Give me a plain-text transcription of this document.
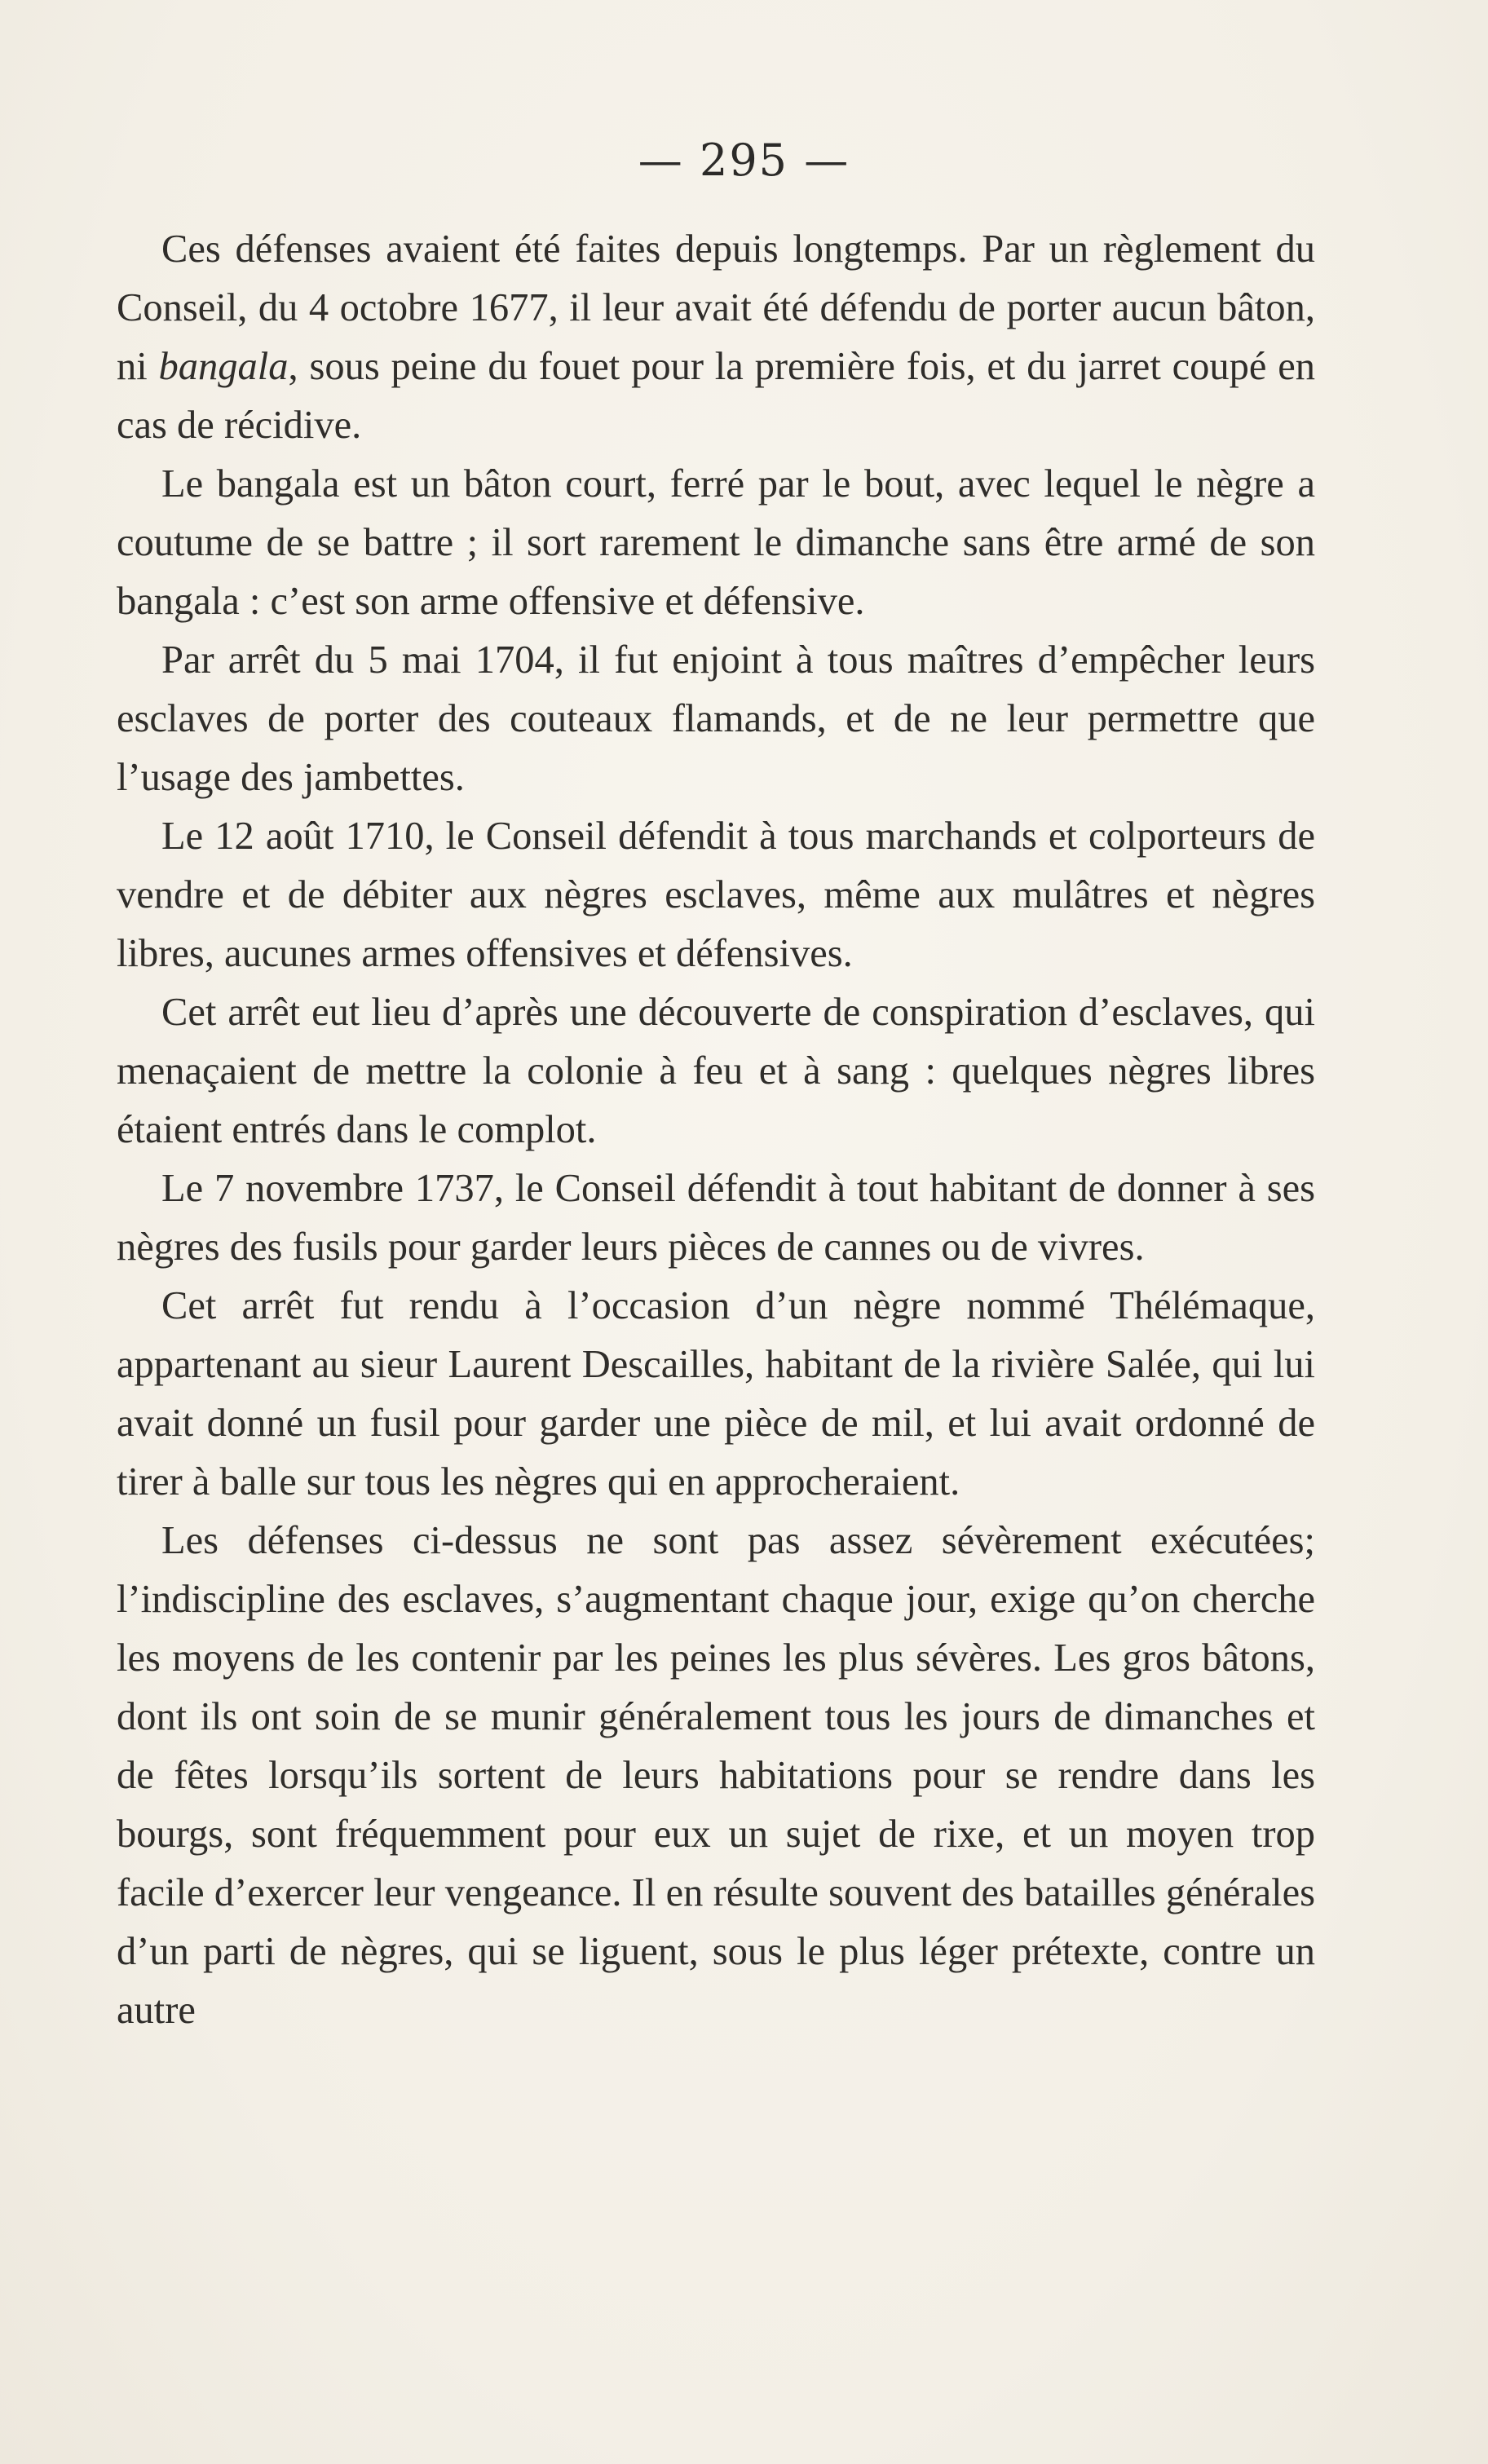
— 295 —

Ces défenses avaient été faites depuis longtemps. Par un règlement du Conseil, du 4 octobre 1677, il leur avait été défendu de porter aucun bâton, ni bangala, sous peine du fouet pour la première fois, et du jarret coupé en cas de récidive.

Le bangala est un bâton court, ferré par le bout, avec lequel le nègre a coutume de se battre ; il sort rarement le dimanche sans être armé de son bangala : c’est son arme offensive et défensive.

Par arrêt du 5 mai 1704, il fut enjoint à tous maîtres d’empêcher leurs esclaves de porter des couteaux flamands, et de ne leur permettre que l’usage des jambettes.

Le 12 août 1710, le Conseil défendit à tous marchands et colporteurs de vendre et de débiter aux nègres esclaves, même aux mulâtres et nègres libres, aucunes armes offensives et défensives.

Cet arrêt eut lieu d’après une découverte de conspiration d’esclaves, qui menaçaient de mettre la colonie à feu et à sang : quelques nègres libres étaient entrés dans le complot.

Le 7 novembre 1737, le Conseil défendit à tout habitant de donner à ses nègres des fusils pour garder leurs pièces de cannes ou de vivres.

Cet arrêt fut rendu à l’occasion d’un nègre nommé Thélémaque, appartenant au sieur Laurent Descailles, habitant de la rivière Salée, qui lui avait donné un fusil pour garder une pièce de mil, et lui avait ordonné de tirer à balle sur tous les nègres qui en approcheraient.

Les défenses ci-dessus ne sont pas assez sévèrement exécutées; l’indiscipline des esclaves, s’augmentant chaque jour, exige qu’on cherche les moyens de les contenir par les peines les plus sévères. Les gros bâtons, dont ils ont soin de se munir généralement tous les jours de dimanches et de fêtes lorsqu’ils sortent de leurs habitations pour se rendre dans les bourgs, sont fréquemment pour eux un sujet de rixe, et un moyen trop facile d’exercer leur vengeance. Il en résulte souvent des batailles générales d’un parti de nègres, qui se liguent, sous le plus léger prétexte, contre un autre
